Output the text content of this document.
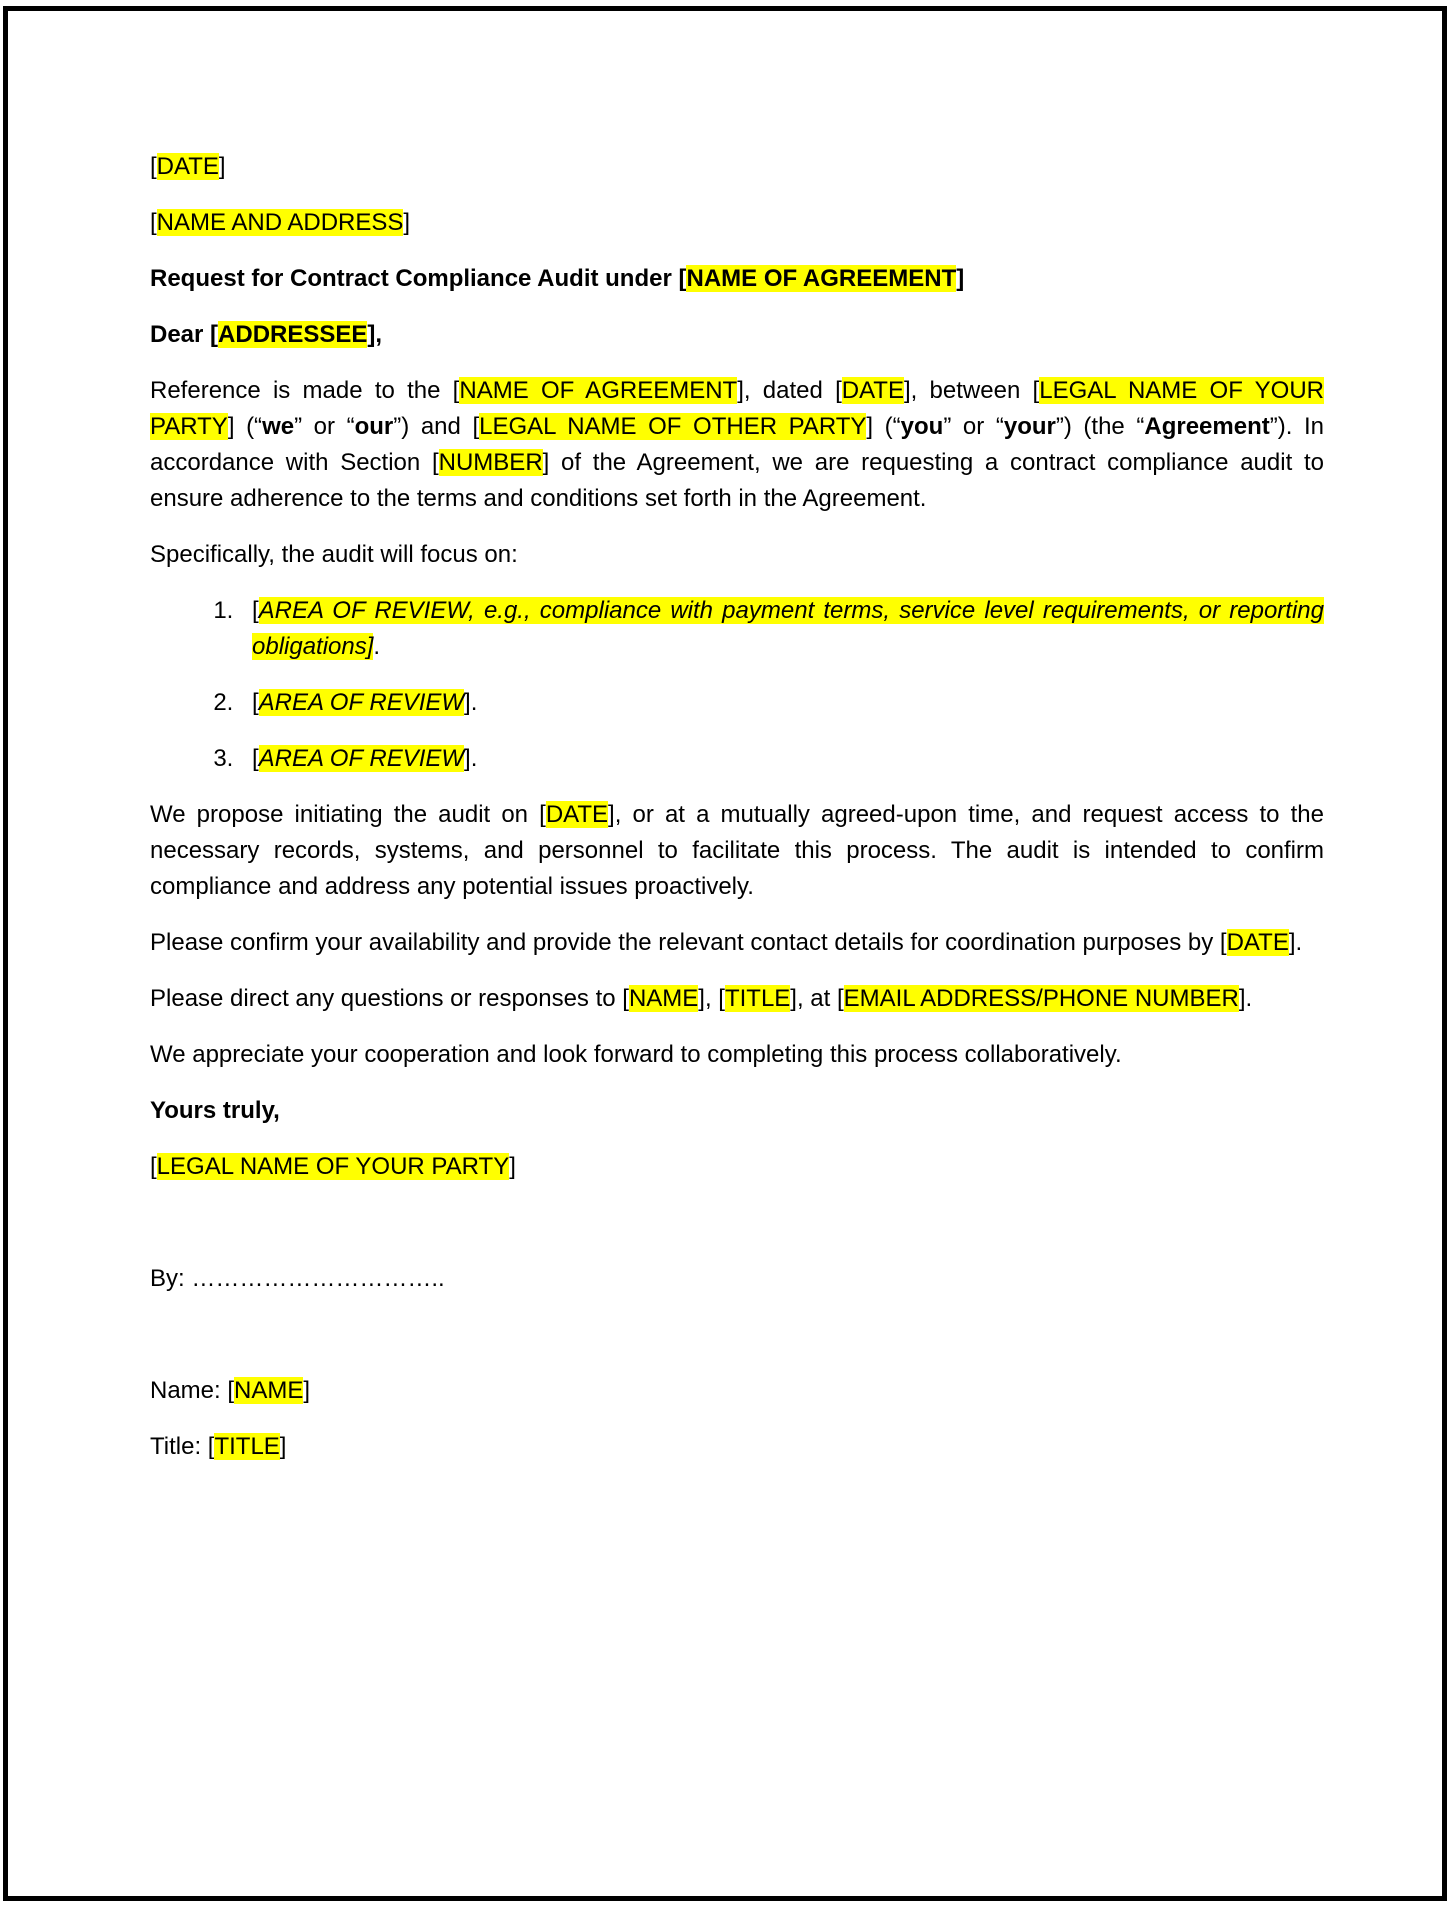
[DATE]

[NAME AND ADDRESS]

Request for Contract Compliance Audit under [NAME OF AGREEMENT]

Dear [ADDRESSEE],

Reference is made to the [NAME OF AGREEMENT], dated [DATE], between [LEGAL NAME OF YOUR PARTY] (“we” or “our”) and [LEGAL NAME OF OTHER PARTY] (“you” or “your”) (the “Agreement”). In accordance with Section [NUMBER] of the Agreement, we are requesting a contract compliance audit to ensure adherence to the terms and conditions set forth in the Agreement.

Specifically, the audit will focus on:

1. [AREA OF REVIEW, e.g., compliance with payment terms, service level requirements, or reporting obligations].
2. [AREA OF REVIEW].
3. [AREA OF REVIEW].

We propose initiating the audit on [DATE], or at a mutually agreed-upon time, and request access to the necessary records, systems, and personnel to facilitate this process. The audit is intended to confirm compliance and address any potential issues proactively.

Please confirm your availability and provide the relevant contact details for coordination purposes by [DATE].

Please direct any questions or responses to [NAME], [TITLE], at [EMAIL ADDRESS/PHONE NUMBER].

We appreciate your cooperation and look forward to completing this process collaboratively.

Yours truly,

[LEGAL NAME OF YOUR PARTY]

By: …………………………..

Name: [NAME]

Title: [TITLE]
